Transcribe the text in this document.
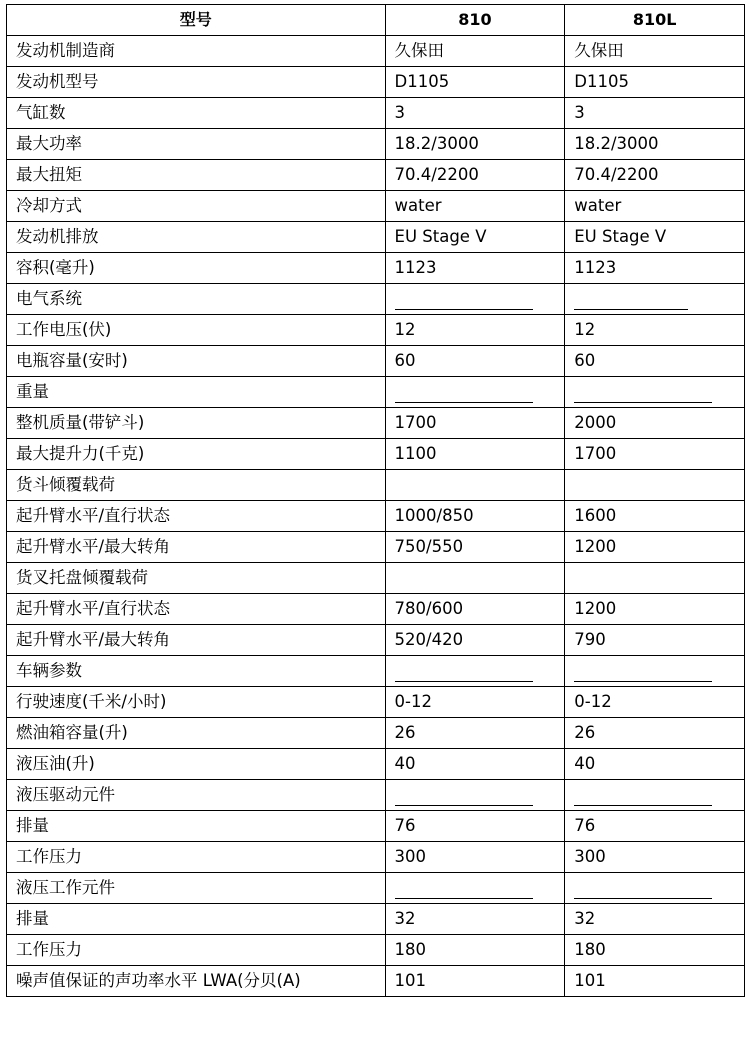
型号	810	810L
发动机制造商	久保田	久保田
发动机型号	D1105	D1105
气缸数	3	3
最大功率	18.2/3000	18.2/3000
最大扭矩	70.4/2200	70.4/2200
冷却方式	water	water
发动机排放	EU Stage V	EU Stage V
容积(毫升)	1123	1123
电气系统		
工作电压(伏)	12	12
电瓶容量(安时)	60	60
重量		
整机质量(带铲斗)	1700	2000
最大提升力(千克)	1100	1700
货斗倾覆载荷		
起升臂水平/直行状态	1000/850	1600
起升臂水平/最大转角	750/550	1200
货叉托盘倾覆载荷		
起升臂水平/直行状态	780/600	1200
起升臂水平/最大转角	520/420	790
车辆参数		
行驶速度(千米/小时)	0-12	0-12
燃油箱容量(升)	26	26
液压油(升)	40	40
液压驱动元件		
排量	76	76
工作压力	300	300
液压工作元件		
排量	32	32
工作压力	180	180
噪声值保证的声功率水平 LWA(分贝(A)	101	101
